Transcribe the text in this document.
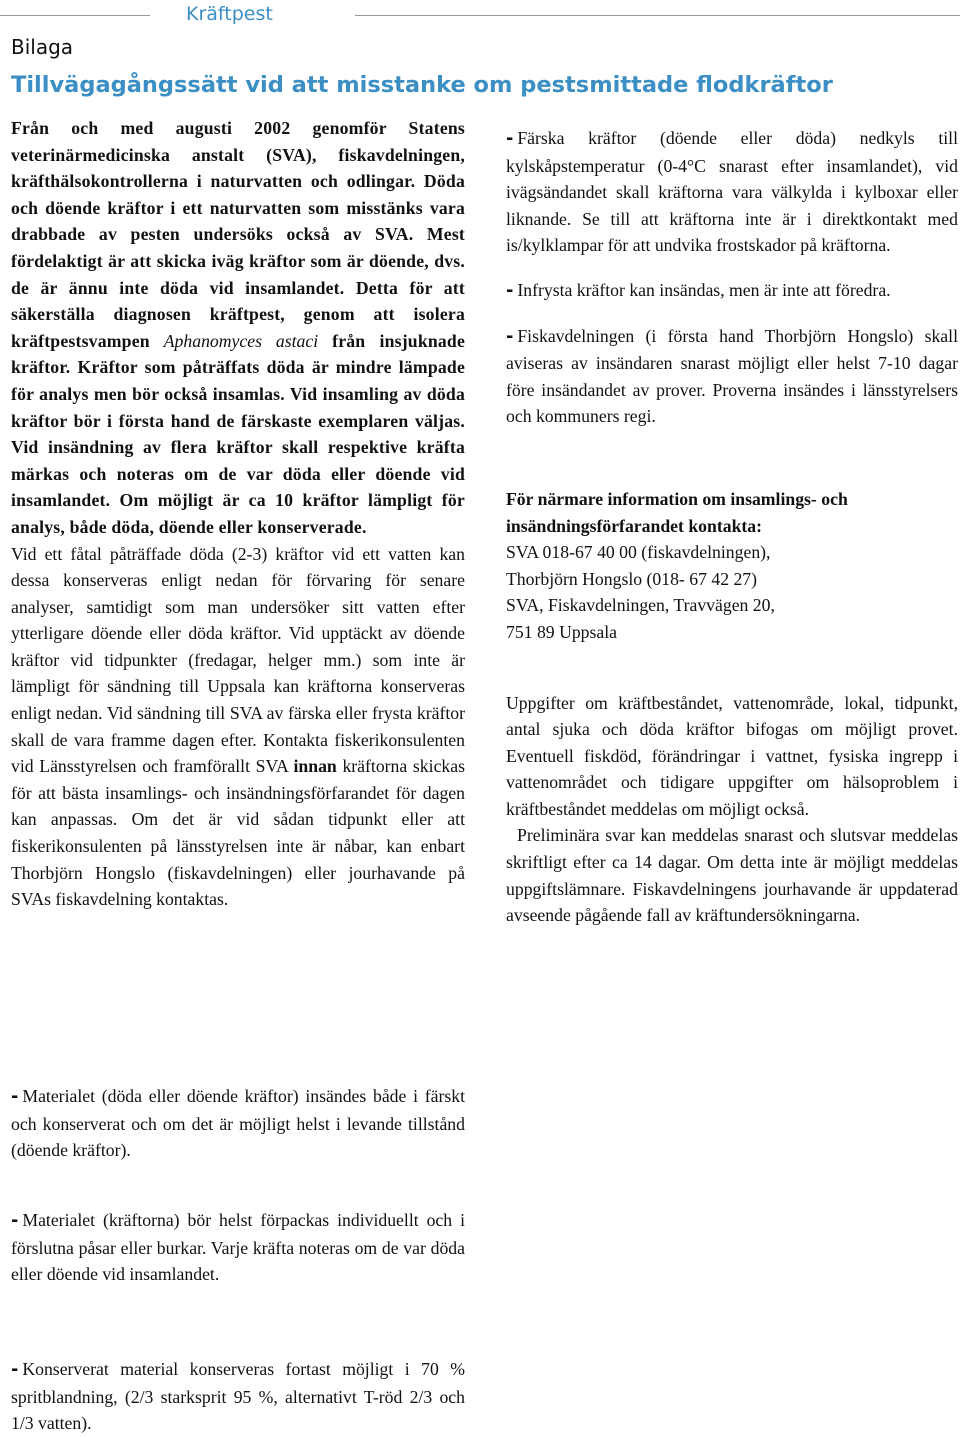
Kräftpest
Bilaga
Tillvägagångssätt vid att misstanke om pestsmittade flodkräftor

Från och med augusti 2002 genomför Statens veterinärmedicinska anstalt (SVA), fiskavdelningen, kräfthälsokontrollerna i naturvatten och odlingar. Döda och döende kräftor i ett naturvatten som misstänks vara drabbade av pesten undersöks också av SVA. Mest fördelaktigt är att skicka iväg kräftor som är döende, dvs. de är ännu inte döda vid insamlandet. Detta för att säkerställa diagnosen kräftpest, genom att isolera kräftpestsvampen Aphanomyces astaci från insjuknade kräftor. Kräftor som påträffats döda är mindre lämpade för analys men bör också insamlas. Vid insamling av döda kräftor bör i första hand de färskaste exemplaren väljas. Vid insändning av flera kräftor skall respektive kräfta märkas och noteras om de var döda eller döende vid insamlandet. Om möjligt är ca 10 kräftor lämpligt för analys, både döda, döende eller konserverade.

Vid ett fåtal påträffade döda (2-3) kräftor vid ett vatten kan dessa konserveras enligt nedan för förvaring för senare analyser, samtidigt som man undersöker sitt vatten efter ytterligare döende eller döda kräftor. Vid upptäckt av döende kräftor vid tidpunkter (fredagar, helger mm.) som inte är lämpligt för sändning till Uppsala kan kräftorna konserveras enligt nedan. Vid sändning till SVA av färska eller frysta kräftor skall de vara framme dagen efter. Kontakta fiskerikonsulenten vid Länsstyrelsen och framförallt SVA innan kräftorna skickas för att bästa insamlings- och insändningsförfarandet för dagen kan anpassas. Om det är vid sådan tidpunkt eller att fiskerikonsulenten på länsstyrelsen inte är nåbar, kan enbart Thorbjörn Hongslo (fiskavdelningen) eller jourhavande på SVAs fiskavdelning kontaktas.

- Materialet (döda eller döende kräftor) insändes både i färskt och konserverat och om det är möjligt helst i levande tillstånd (döende kräftor).

- Materialet (kräftorna) bör helst förpackas individuellt och i förslutna påsar eller burkar. Varje kräfta noteras om de var döda eller döende vid insamlandet.

- Konserverat material konserveras fortast möjligt i 70 % spritblandning, (2/3 starksprit 95 %, alternativt T-röd 2/3 och 1/3 vatten).

- Färska kräftor (döende eller döda) nedkyls till kylskåpstemperatur (0-4°C snarast efter insamlandet), vid ivägsändandet skall kräftorna vara välkylda i kylboxar eller liknande. Se till att kräftorna inte är i direktkontakt med is/kylklampar för att undvika frostskador på kräftorna.

- Infrysta kräftor kan insändas, men är inte att föredra.

- Fiskavdelningen (i första hand Thorbjörn Hongslo) skall aviseras av insändaren snarast möjligt eller helst 7-10 dagar före insändandet av prover. Proverna insändes i länsstyrelsers och kommuners regi.

För närmare information om insamlings- och insändningsförfarandet kontakta:

SVA 018-67 40 00 (fiskavdelningen),

Thorbjörn Hongslo (018- 67 42 27)

SVA, Fiskavdelningen, Travvägen 20,

751 89 Uppsala

Uppgifter om kräftbeståndet, vattenområde, lokal, tidpunkt, antal sjuka och döda kräftor bifogas om möjligt provet. Eventuell fiskdöd, förändringar i vattnet, fysiska ingrepp i vattenområdet och tidigare uppgifter om hälsoproblem i kräftbeståndet meddelas om möjligt också.

Preliminära svar kan meddelas snarast och slutsvar meddelas skriftligt efter ca 14 dagar. Om detta inte är möjligt meddelas uppgiftslämnare. Fiskavdelningens jourhavande är uppdaterad avseende pågående fall av kräftundersökningarna.
